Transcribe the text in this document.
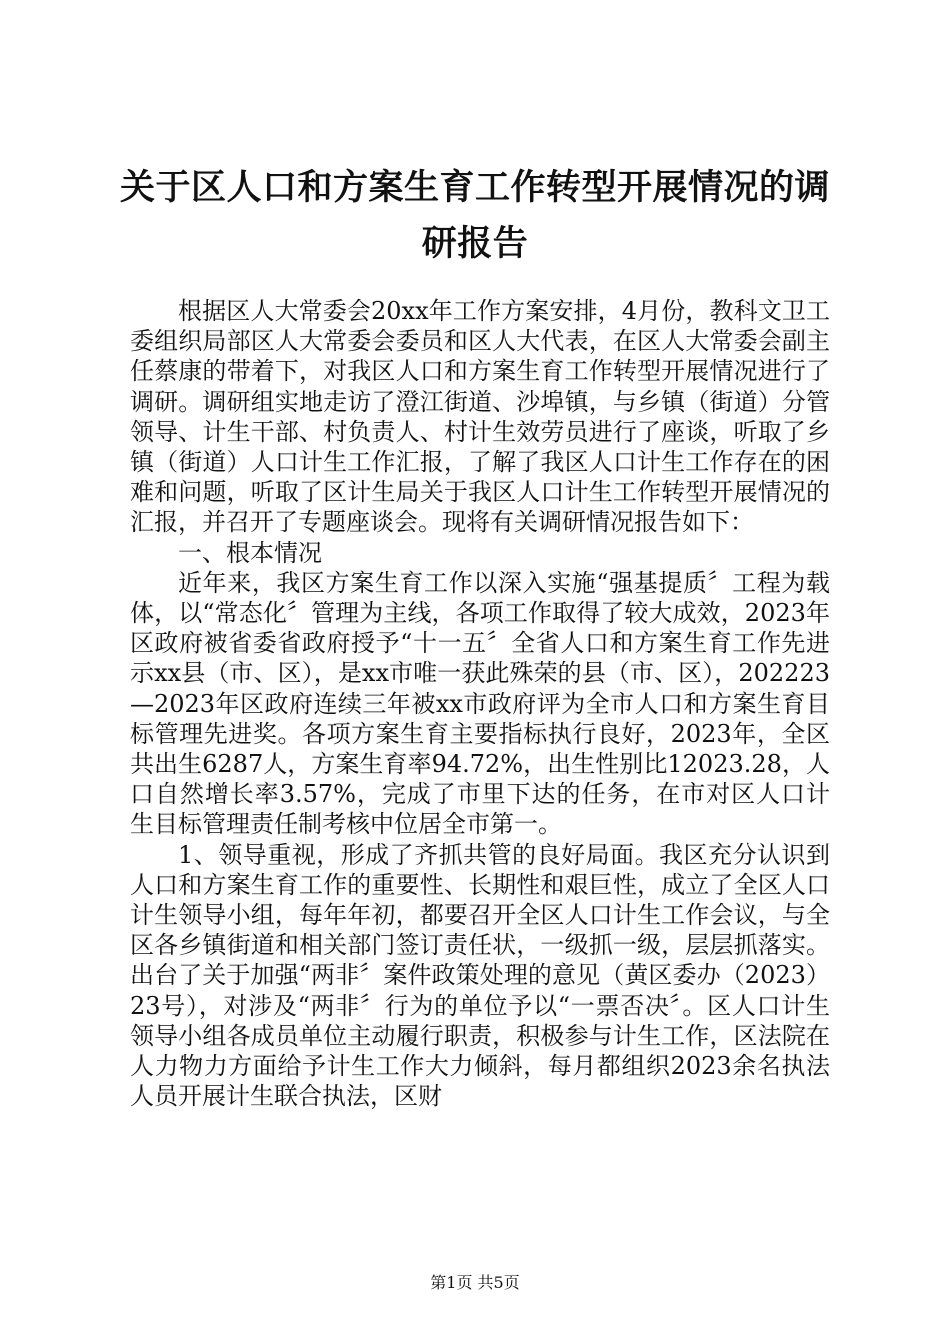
关于区人口和方案生育工作转型开展情况的调研报告

根据区人大常委会20xx年工作方案安排，4月份，教科文卫工委组织局部区人大常委会委员和区人大代表，在区人大常委会副主任蔡康的带着下，对我区人口和方案生育工作转型开展情况进行了调研。调研组实地走访了澄江街道、沙埠镇，与乡镇（街道）分管领导、计生干部、村负责人、村计生效劳员进行了座谈，听取了乡镇（街道）人口计生工作汇报，了解了我区人口计生工作存在的困难和问题，听取了区计生局关于我区人口计生工作转型开展情况的汇报，并召开了专题座谈会。现将有关调研情况报告如下：

一、根本情况

近年来，我区方案生育工作以深入实施“强基提质〞工程为载体，以“常态化〞管理为主线，各项工作取得了较大成效，2023年区政府被省委省政府授予“十一五〞全省人口和方案生育工作先进示xx县（市、区），是xx市唯一获此殊荣的县（市、区），202223—2023年区政府连续三年被xx市政府评为全市人口和方案生育目标管理先进奖。各项方案生育主要指标执行良好，2023年，全区共出生6287人，方案生育率94.72%，出生性别比12023.28，人口自然增长率3.57%，完成了市里下达的任务，在市对区人口计生目标管理责任制考核中位居全市第一。

1、领导重视，形成了齐抓共管的良好局面。我区充分认识到人口和方案生育工作的重要性、长期性和艰巨性，成立了全区人口计生领导小组，每年年初，都要召开全区人口计生工作会议，与全区各乡镇街道和相关部门签订责任状，一级抓一级，层层抓落实。出台了关于加强“两非〞案件政策处理的意见（黄区委办（2023）23号），对涉及“两非〞行为的单位予以“一票否决〞。区人口计生领导小组各成员单位主动履行职责，积极参与计生工作，区法院在人力物力方面给予计生工作大力倾斜，每月都组织2023余名执法人员开展计生联合执法，区财

第1页 共5页
